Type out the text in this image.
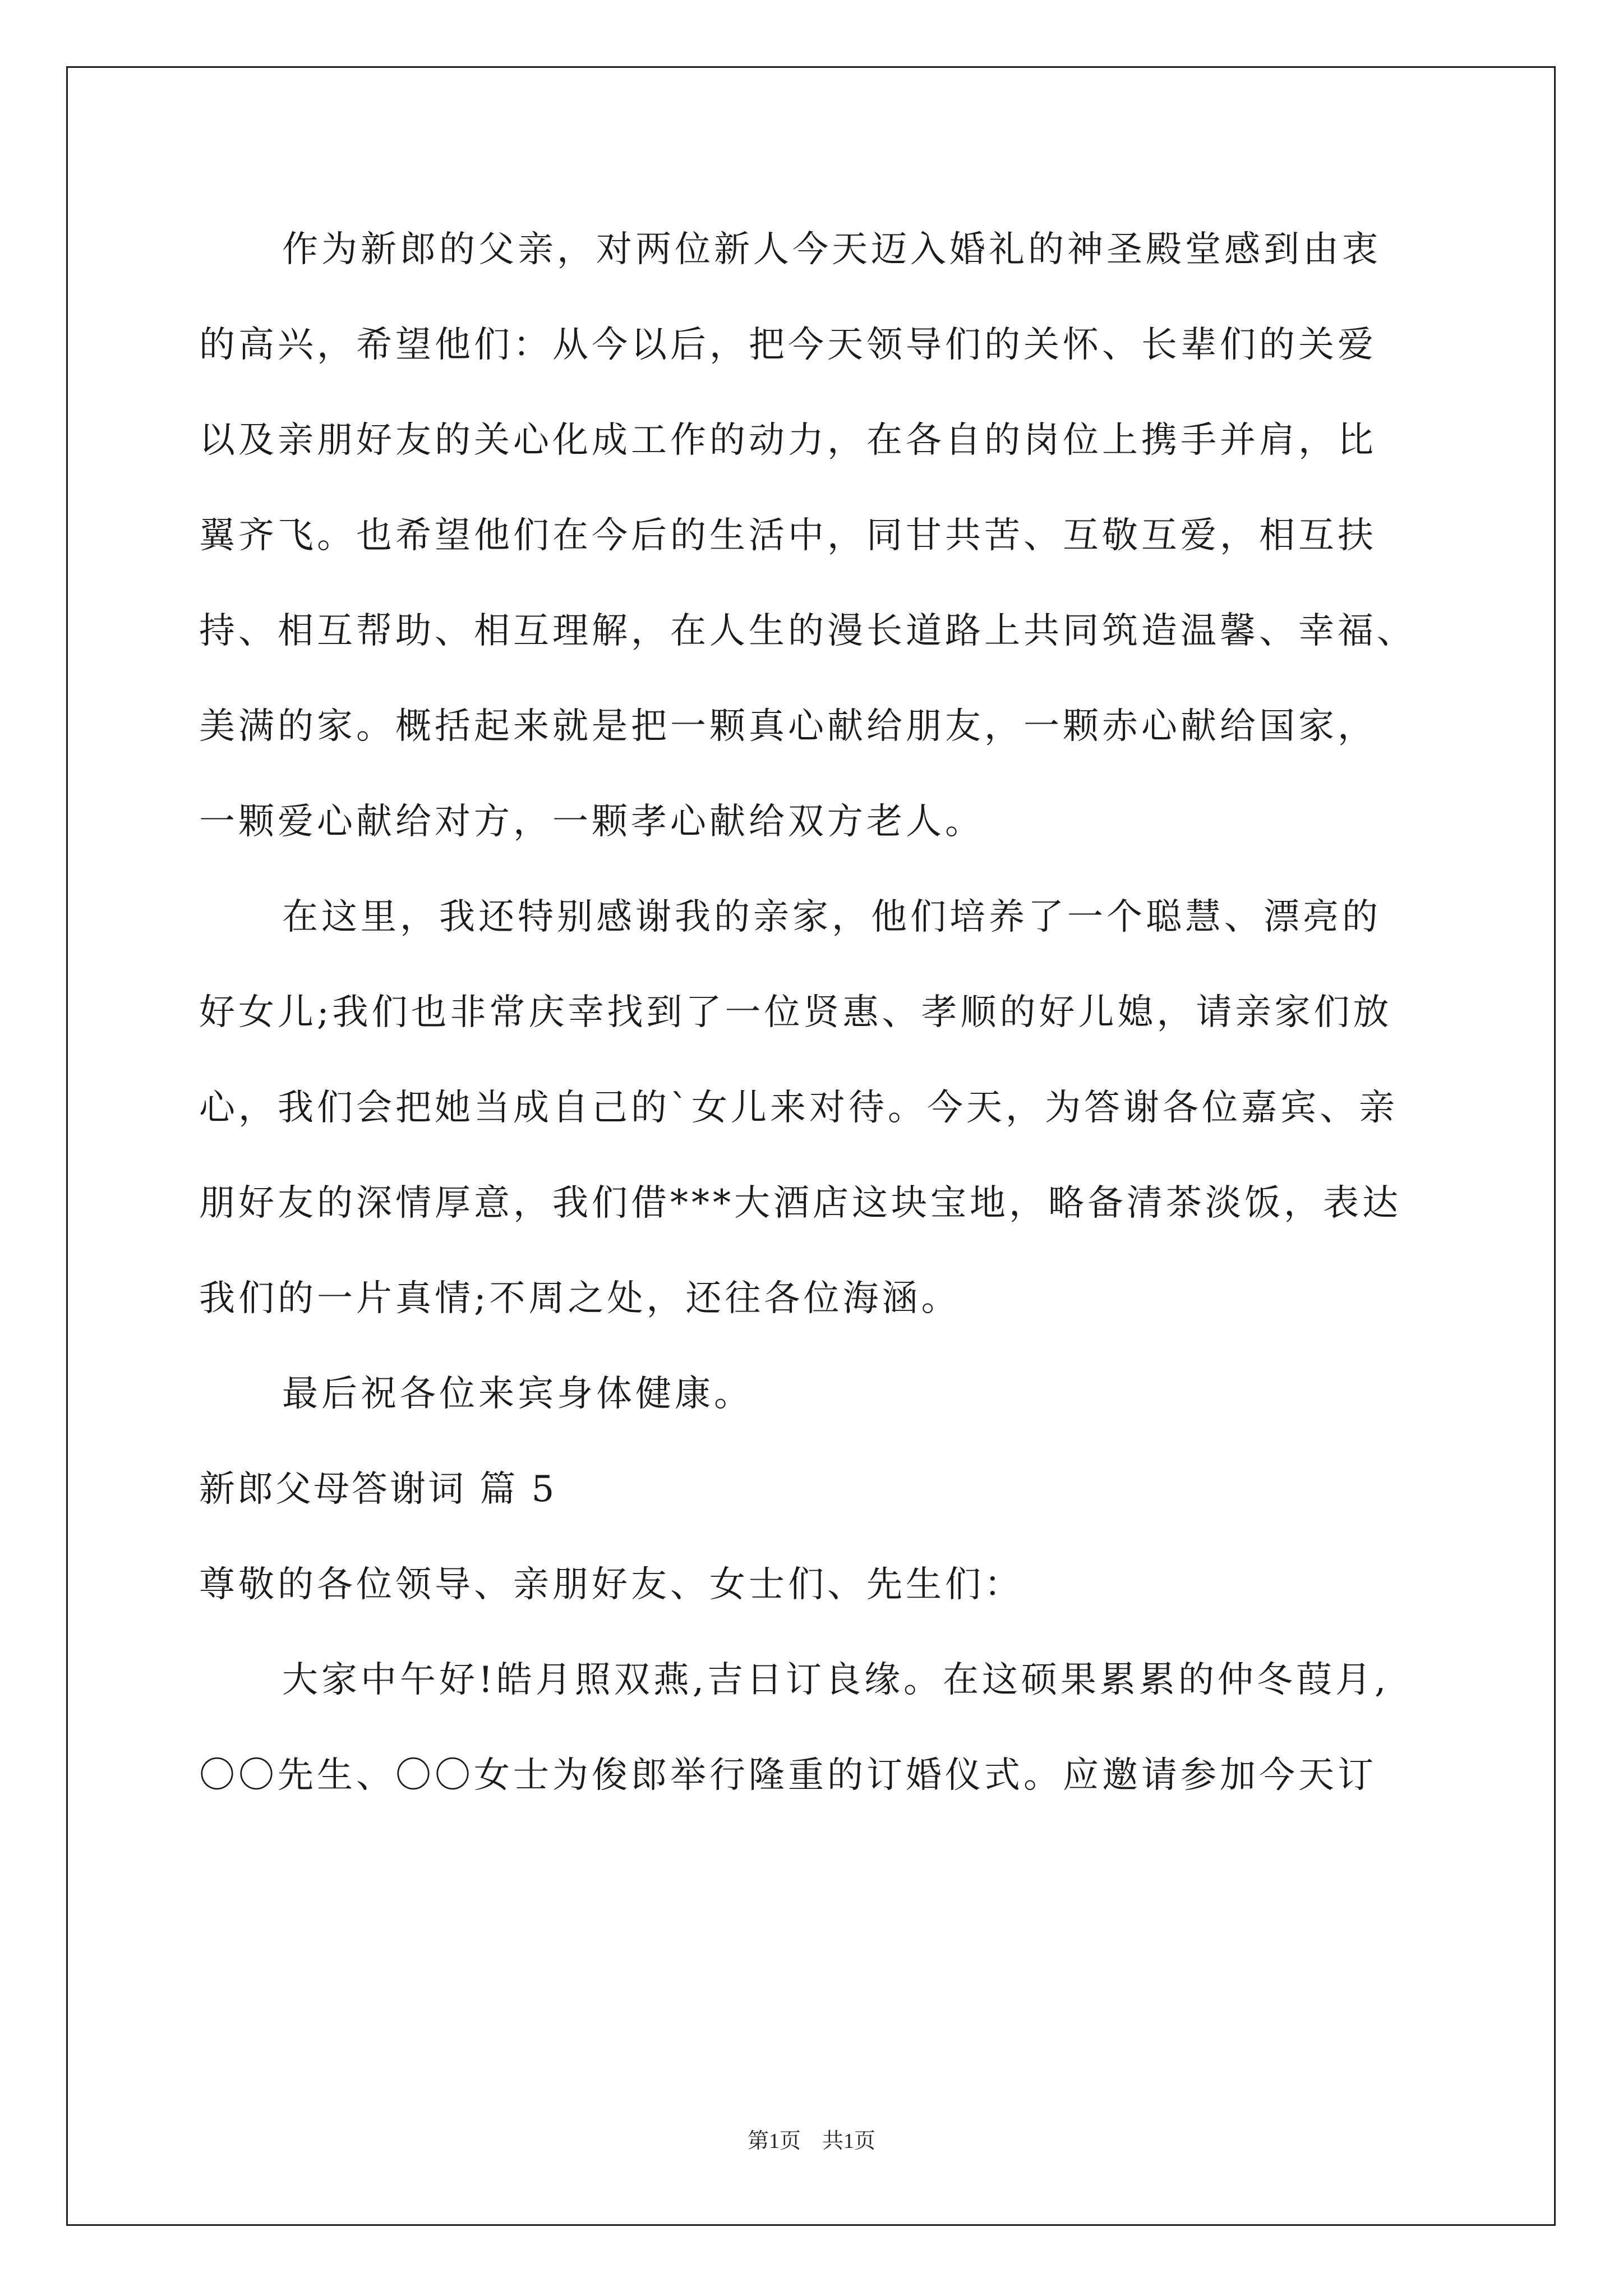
作为新郎的父亲，对两位新人今天迈入婚礼的神圣殿堂感到由衷
的高兴，希望他们：从今以后，把今天领导们的关怀、长辈们的关爱
以及亲朋好友的关心化成工作的动力，在各自的岗位上携手并肩，比
翼齐飞。也希望他们在今后的生活中，同甘共苦、互敬互爱，相互扶
持、相互帮助、相互理解，在人生的漫长道路上共同筑造温馨、幸福、
美满的家。概括起来就是把一颗真心献给朋友，一颗赤心献给国家，
一颗爱心献给对方，一颗孝心献给双方老人。
在这里，我还特别感谢我的亲家，他们培养了一个聪慧、漂亮的
好女儿;我们也非常庆幸找到了一位贤惠、孝顺的好儿媳，请亲家们放
心，我们会把她当成自己的`女儿来对待。今天，为答谢各位嘉宾、亲
朋好友的深情厚意，我们借***大酒店这块宝地，略备清茶淡饭，表达
我们的一片真情;不周之处，还往各位海涵。
最后祝各位来宾身体健康。
新郎父母答谢词 篇 5
尊敬的各位领导、亲朋好友、女士们、先生们：
大家中午好!皓月照双燕,吉日订良缘。在这硕果累累的仲冬葭月,
〇〇先生、〇〇女士为俊郎举行隆重的订婚仪式。应邀请参加今天订
第1页　共1页
